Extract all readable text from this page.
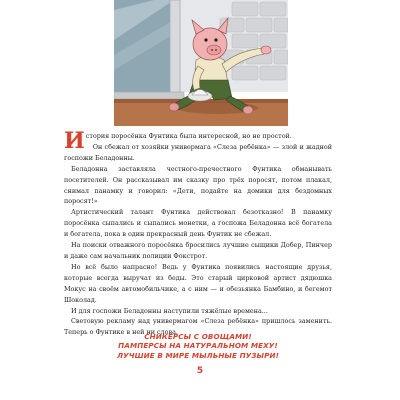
История поросёнка Фунтика была интересной, но не простой.

Он сбежал от хозяйки универмага «Слеза ребёнка» — злой и жадной госпожи Беладонны.

Беладонна заставляла честного-пречестного Фунтика обманывать посетителей. Он рассказывал им сказку про трёх поросят, потом плакал, снимал панамку и говорил: «Дети, подайте на домики для бездомных поросят!»

Артистический талант Фунтика действовал безотказно! В панамку поросёнка сыпались и сыпались монетки, а госпожа Беладонна всё богатела и богатела, пока в один прекрасный день Фунтик не сбежал.

На поиски отважного поросёнка бросились лучшие сыщики Добер, Пинчер и даже сам начальник полиции Фокстрот.

Но всё было напрасно! Ведь у Фунтика появились настоящие друзья, которые всегда выручат из беды. Это старый цирковой артист дядюшка Мокус на своём автомобильчике, а с ним — и обезьянка Бамбино, и бегемот Шоколад.

И для госпожи Беладонны наступили тяжёлые времена...

Световую рекламу над универмагом «Слеза ребёнка» пришлось заменить. Теперь о Фунтике в ней ни слова.

СНИКЕРСЫ С ОВОЩАМИ!
ПАМПЕРСЫ НА НАТУРАЛЬНОМ МЕХУ!
ЛУЧШИЕ В МИРЕ МЫЛЬНЫЕ ПУЗЫРИ!
5
